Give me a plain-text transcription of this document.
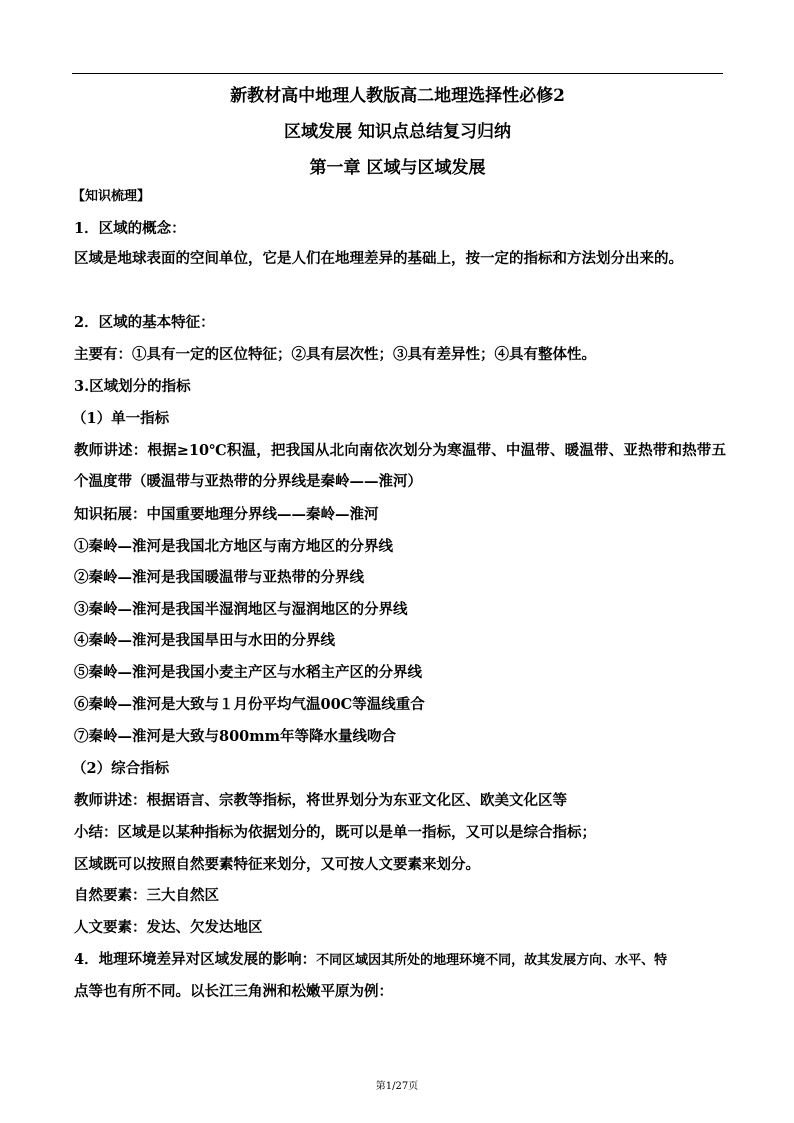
新教材高中地理人教版高二地理选择性必修2
区域发展 知识点总结复习归纳
第一章 区域与区域发展
【知识梳理】
1．区域的概念：
区域是地球表面的空间单位，它是人们在地理差异的基础上，按一定的指标和方法划分出来的。
2．区域的基本特征：
主要有：①具有一定的区位特征；②具有层次性；③具有差异性；④具有整体性。
3.区域划分的指标
（1）单一指标
教师讲述：根据≥10℃积温，把我国从北向南依次划分为寒温带、中温带、暖温带、亚热带和热带五个温度带（暖温带与亚热带的分界线是秦岭——淮河）
知识拓展：中国重要地理分界线——秦岭—淮河
①秦岭—淮河是我国北方地区与南方地区的分界线
②秦岭—淮河是我国暖温带与亚热带的分界线
③秦岭—淮河是我国半湿润地区与湿润地区的分界线
④秦岭—淮河是我国旱田与水田的分界线
⑤秦岭—淮河是我国小麦主产区与水稻主产区的分界线
⑥秦岭—淮河是大致与１月份平均气温00C等温线重合
⑦秦岭—淮河是大致与800mm年等降水量线吻合
（2）综合指标
教师讲述：根据语言、宗教等指标，将世界划分为东亚文化区、欧美文化区等
小结：区域是以某种指标为依据划分的，既可以是单一指标，又可以是综合指标；
区域既可以按照自然要素特征来划分，又可按人文要素来划分。
自然要素：三大自然区
人文要素：发达、欠发达地区
4．地理环境差异对区域发展的影响：不同区域因其所处的地理环境不同，故其发展方向、水平、特
点等也有所不同。以长江三角洲和松嫩平原为例：
第1/27页
